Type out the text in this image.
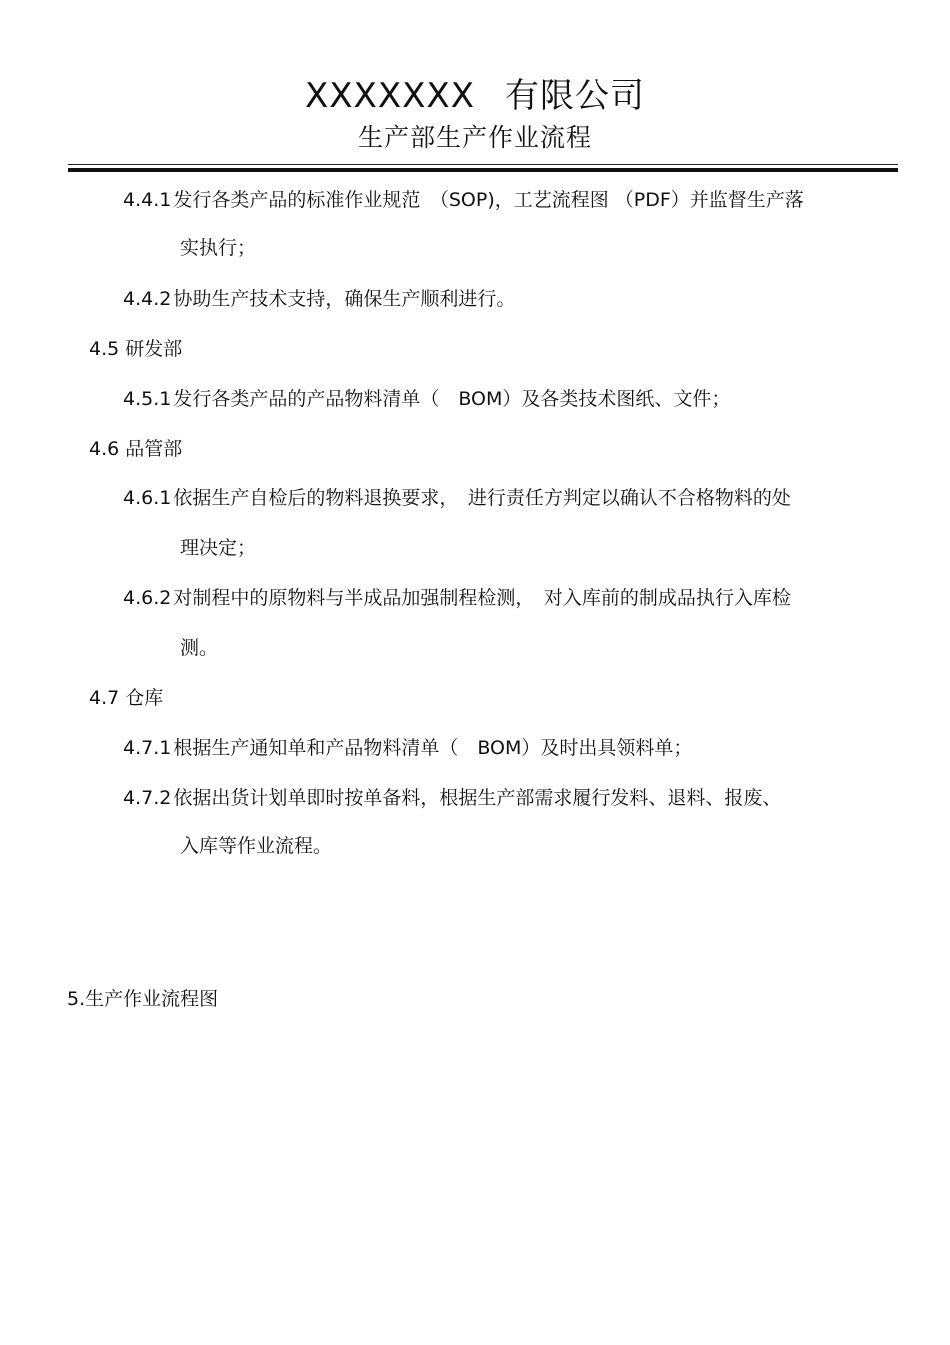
XXXXXXX 有限公司
生产部生产作业流程
4.4.1 发行各类产品的标准作业规范　（SOP)，工艺流程图 （PDF）并监督生产落
实执行；
4.4.2 协助生产技术支持，确保生产顺利进行。
4.5 研发部
4.5.1 发行各类产品的产品物料清单（　BOM）及各类技术图纸、文件；
4.6 品管部
4.6.1 依据生产自检后的物料退换要求，　进行责任方判定以确认不合格物料的处
理决定；
4.6.2 对制程中的原物料与半成品加强制程检测，　对入库前的制成品执行入库检
测。
4.7 仓库
4.7.1 根据生产通知单和产品物料清单（　BOM）及时出具领料单；
4.7.2 依据出货计划单即时按单备料，根据生产部需求履行发料、退料、报废、
入库等作业流程。
5.生产作业流程图
